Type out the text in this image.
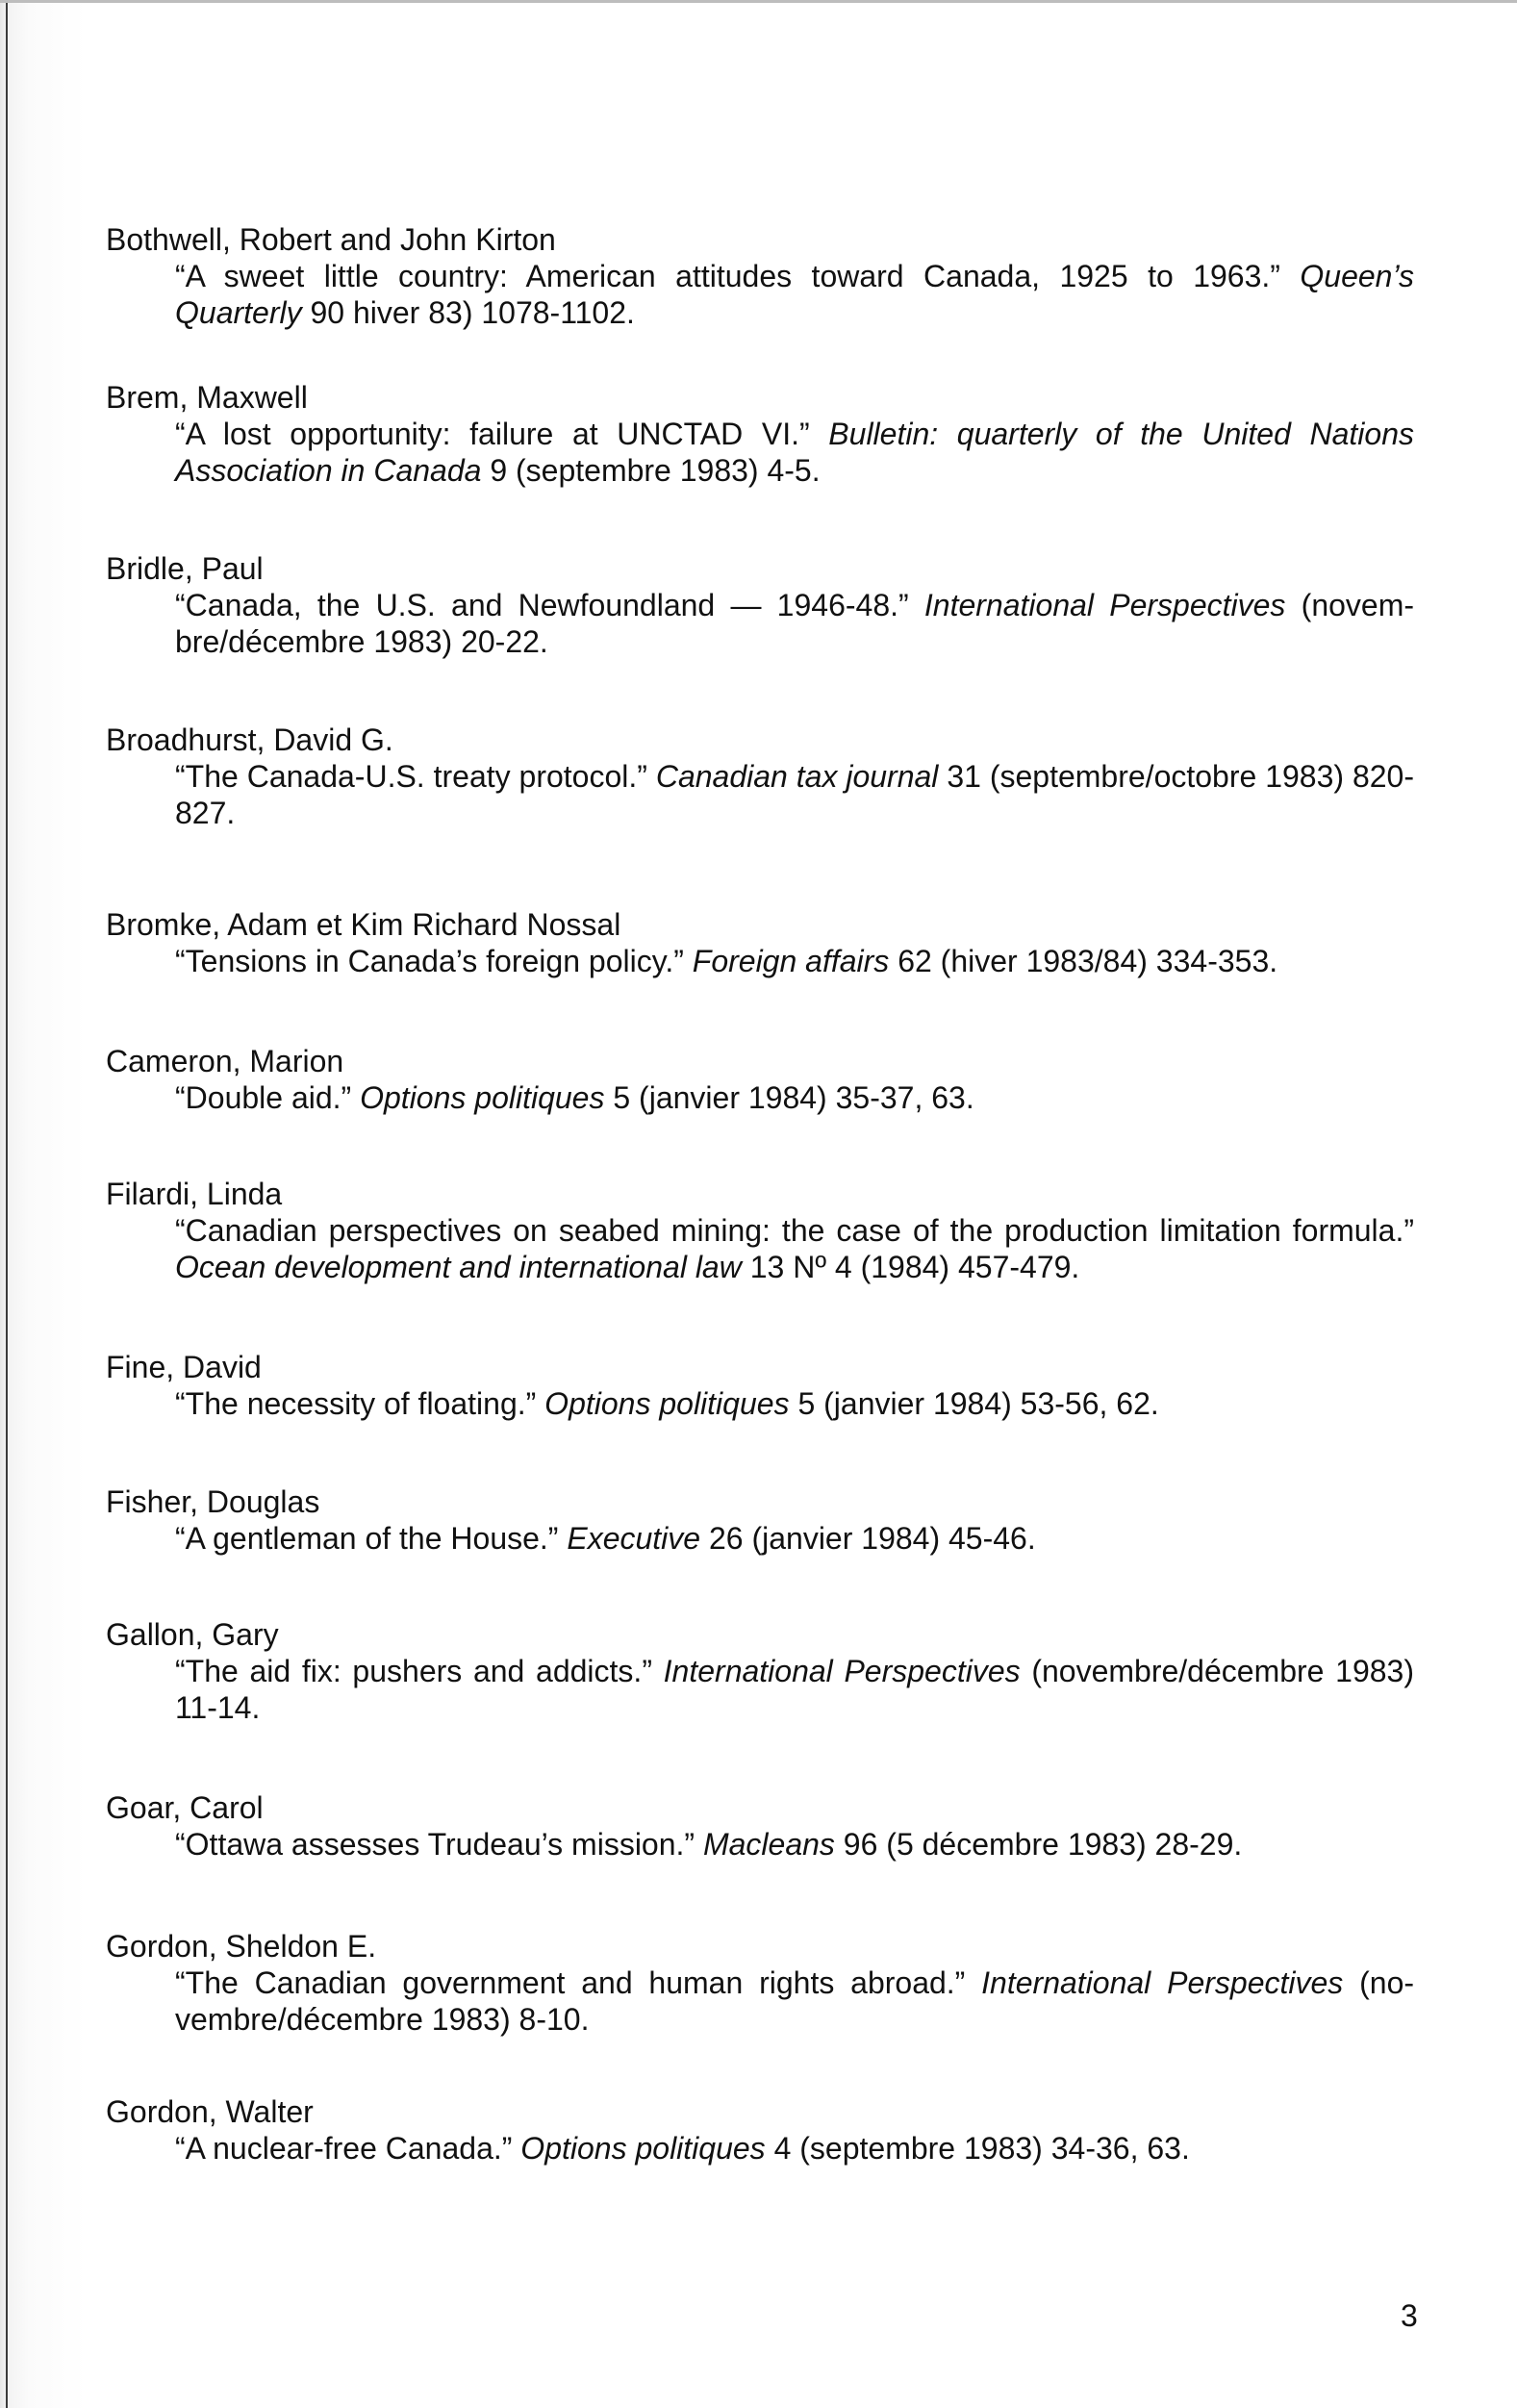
Bothwell, Robert and John Kirton
“A sweet little country: American attitudes toward Canada, 1925 to 1963.” Queen’s Quarterly 90 hiver 83) 1078-1102.
Brem, Maxwell
“A lost opportunity: failure at UNCTAD VI.” Bulletin: quarterly of the United Nations Association in Canada 9 (septembre 1983) 4-5.
Bridle, Paul
“Canada, the U.S. and Newfoundland — 1946-48.” International Perspectives (novem-bre/décembre 1983) 20-22.
Broadhurst, David G.
“The Canada-U.S. treaty protocol.” Canadian tax journal 31 (septembre/octobre 1983) 820-827.
Bromke, Adam et Kim Richard Nossal
“Tensions in Canada’s foreign policy.” Foreign affairs 62 (hiver 1983/84) 334-353.
Cameron, Marion
“Double aid.” Options politiques 5 (janvier 1984) 35-37, 63.
Filardi, Linda
“Canadian perspectives on seabed mining: the case of the production limitation formula.” Ocean development and international law 13 Nº 4 (1984) 457-479.
Fine, David
“The necessity of floating.” Options politiques 5 (janvier 1984) 53-56, 62.
Fisher, Douglas
“A gentleman of the House.” Executive 26 (janvier 1984) 45-46.
Gallon, Gary
“The aid fix: pushers and addicts.” International Perspectives (novembre/décembre 1983) 11-14.
Goar, Carol
“Ottawa assesses Trudeau’s mission.” Macleans 96 (5 décembre 1983) 28-29.
Gordon, Sheldon E.
“The Canadian government and human rights abroad.” International Perspectives (no-vembre/décembre 1983) 8-10.
Gordon, Walter
“A nuclear-free Canada.” Options politiques 4 (septembre 1983) 34-36, 63.
3
